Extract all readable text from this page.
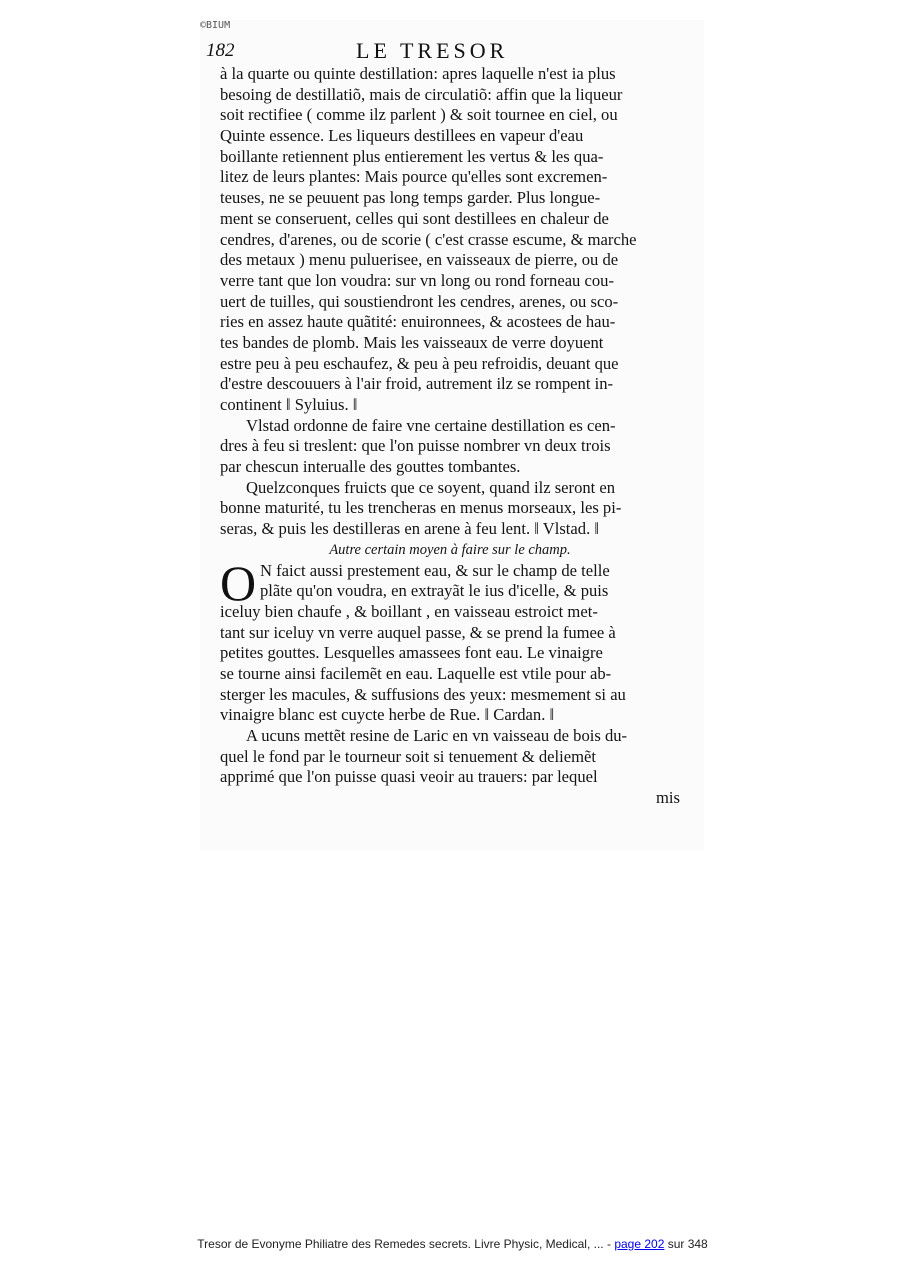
©BIUM
182	LE TRESOR
à la quarte ou quinte destillation: apres laquelle n'est ia plus
besoing de destillatiõ, mais de circulatiõ: affin que la liqueur
soit rectifiee ( comme ilz parlent ) & soit tournee en ciel, ou
Quinte essence. Les liqueurs destillees en vapeur d'eau
boillante retiennent plus entierement les vertus & les qua-
litez de leurs plantes: Mais pource qu'elles sont excremen-
teuses, ne se peuuent pas long temps garder. Plus longue-
ment se conseruent, celles qui sont destillees en chaleur de
cendres, d'arenes, ou de scorie ( c'est crasse escume, & marche
des metaux ) menu puluerisee, en vaisseaux de pierre, ou de
verre tant que lon voudra: sur vn long ou rond forneau cou-
uert de tuilles, qui soustiendront les cendres, arenes, ou sco-
ries en assez haute quãtité: enuironnees, & acostees de hau-
tes bandes de plomb. Mais les vaisseaux de verre doyuent
estre peu à peu eschaufez, & peu à peu refroidis, deuant que
d'estre descouuers à l'air froid, autrement ilz se rompent in-
continent ‖ Syluius. ‖
Vlstad ordonne de faire vne certaine destillation es cen-
dres à feu si treslent: que l'on puisse nombrer vn deux trois
par chescun interualle des gouttes tombantes.
Quelzconques fruicts que ce soyent, quand ilz seront en
bonne maturité, tu les trencheras en menus morseaux, les pi-
seras, & puis les destilleras en arene à feu lent. ‖ Vlstad. ‖
Autre certain moyen à faire sur le champ.
O N faict aussi prestement eau, & sur le champ de telle
plãte qu'on voudra, en extrayãt le ius d'icelle, & puis
iceluy bien chaufe , & boillant , en vaisseau estroict met-
tant sur iceluy vn verre auquel passe, & se prend la fumee à
petites gouttes. Lesquelles amassees font eau. Le vinaigre
se tourne ainsi facilemẽt en eau. Laquelle est vtile pour ab-
sterger les macules, & suffusions des yeux: mesmement si au
vinaigre blanc est cuycte herbe de Rue. ‖ Cardan. ‖
A ucuns mettẽt resine de Laric en vn vaisseau de bois du-
quel le fond par le tourneur soit si tenuement & deliemẽt
apprimé que l'on puisse quasi veoir au trauers: par lequel
mis
Tresor de Evonyme Philiatre des Remedes secrets. Livre Physic, Medical, ... - page 202 sur 348
